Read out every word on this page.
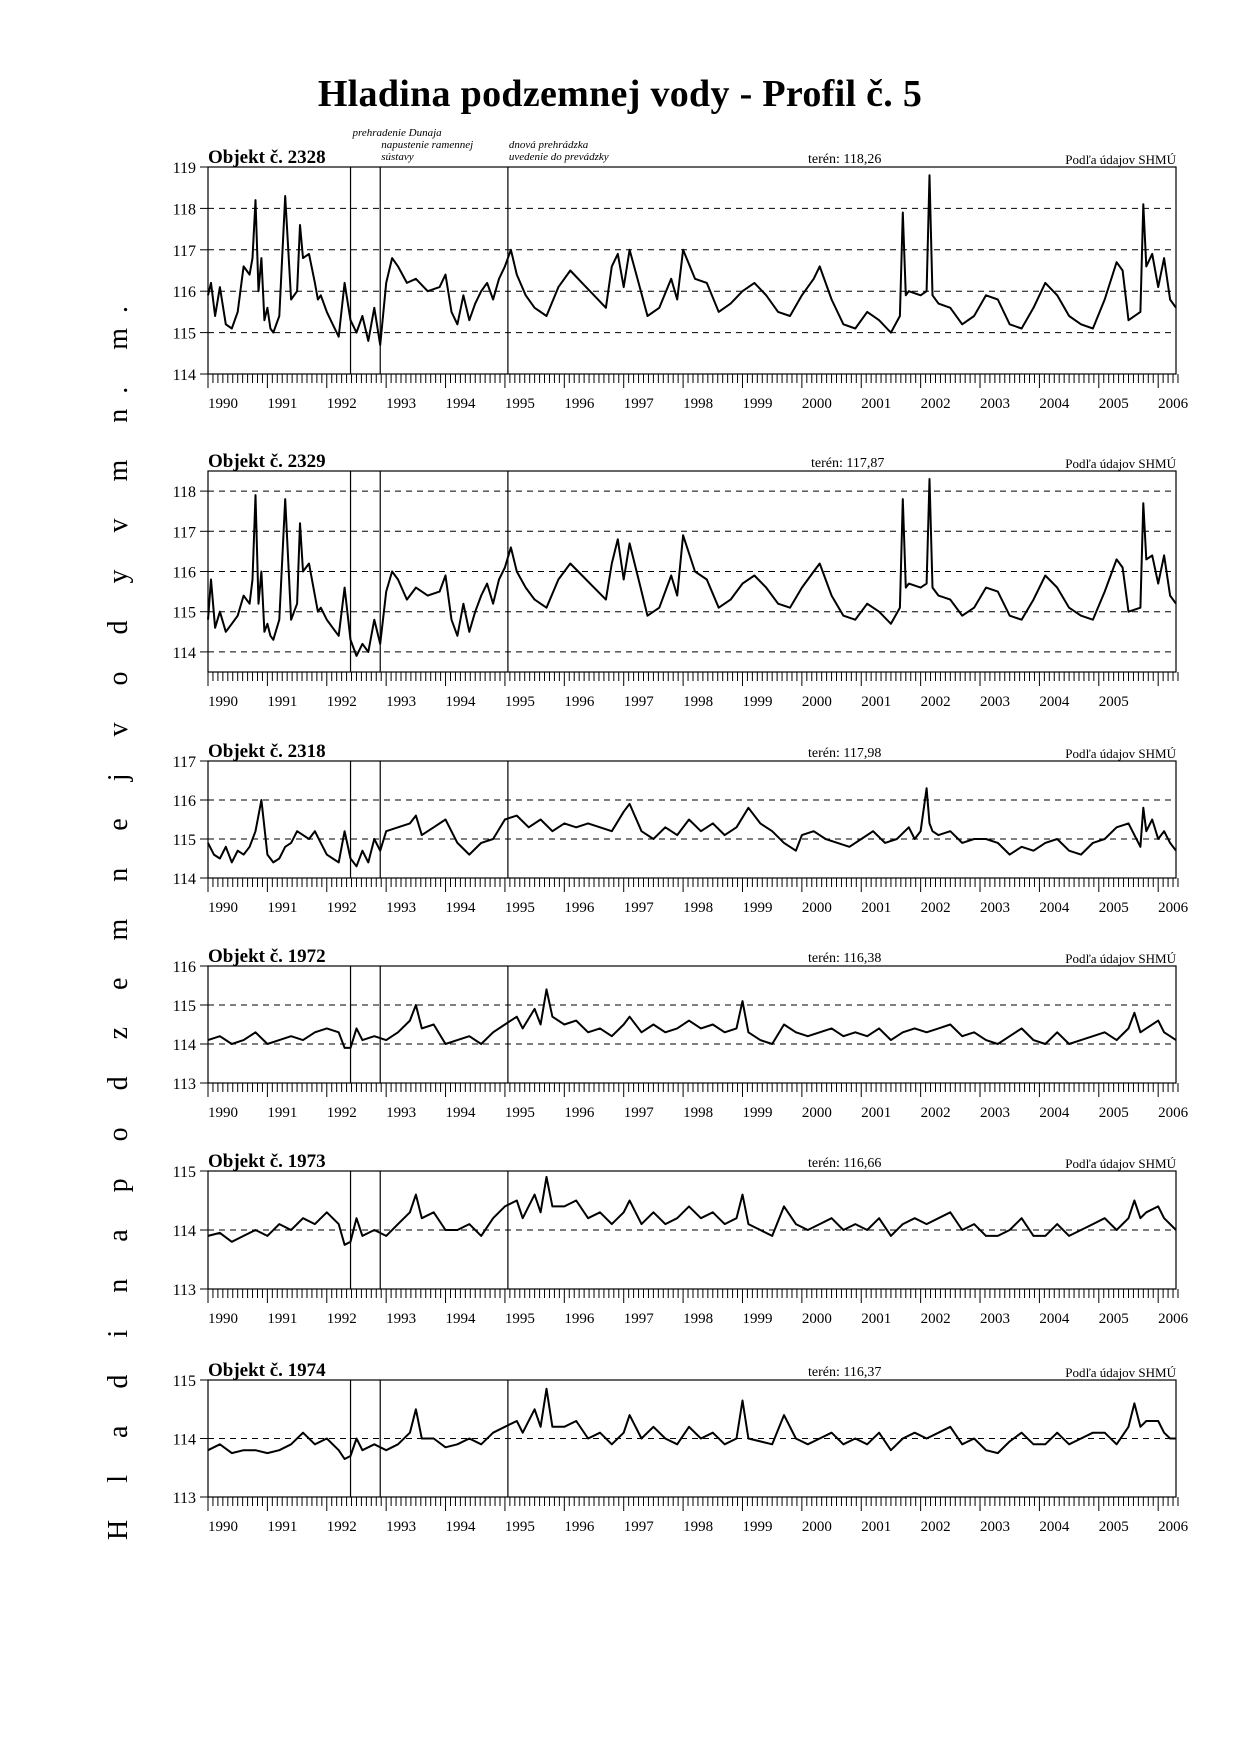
Hladina podzemnej vody - Profil č. 5
H l a d i n a p o d z e m n e j v o d y v m n. m.	114
115
116
117
118
119
1990 1991 1992 1993 1994 1995 1996 1997 1998 1999 2000 2001 2002 2003 2004 2005 2006
Objekt č. 2328	terén: 118,26	Podľa údajov SHMÚ
114
115
116
117
118
1990 1991 1992 1993 1994 1995 1996 1997 1998 1999 2000 2001 2002 2003 2004 2005
Objekt č. 2329	terén: 117,87	Podľa údajov SHMÚ
114
115
116
117
1990 1991 1992 1993 1994 1995 1996 1997 1998 1999 2000 2001 2002 2003 2004 2005 2006
Objekt č. 2318	terén: 117,98	Podľa údajov SHMÚ
113
114
115
116
1990 1991 1992 1993 1994 1995 1996 1997 1998 1999 2000 2001 2002 2003 2004 2005 2006
Objekt č. 1972	terén: 116,38	Podľa údajov SHMÚ
113
114
115
1990 1991 1992 1993 1994 1995 1996 1997 1998 1999 2000 2001 2002 2003 2004 2005 2006
Objekt č. 1973	terén: 116,66	Podľa údajov SHMÚ
113
114
115
1990 1991 1992 1993 1994 1995 1996 1997 1998 1999 2000 2001 2002 2003 2004 2005 2006
Objekt č. 1974	terén: 116,37	Podľa údajov SHMÚ
prehradenie Dunaja
napustenie ramennej
sústavy
dnová prehrádzka
uvedenie do prevádzky
